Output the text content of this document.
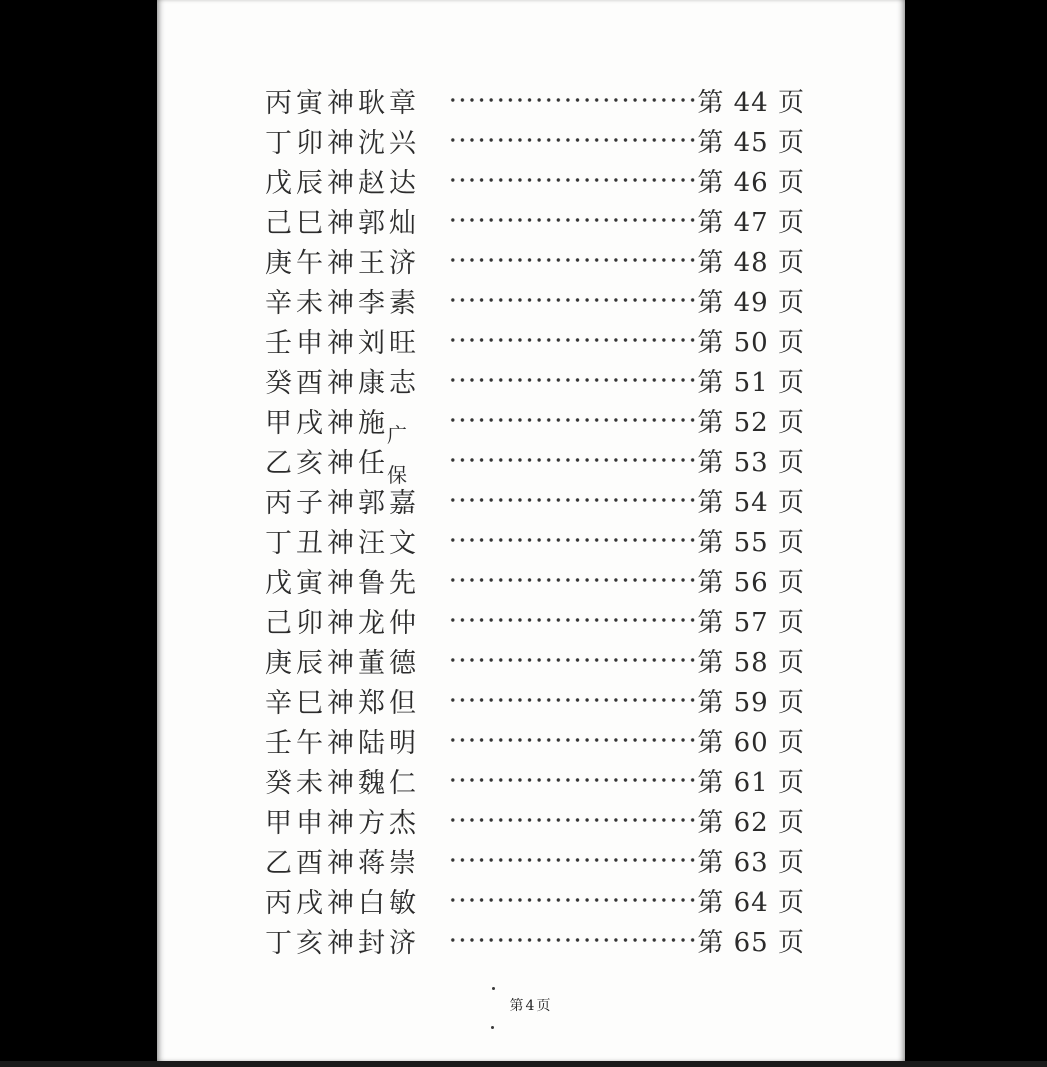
丙寅神耿章	第 44 页
丁卯神沈兴	第 45 页
戊辰神赵达	第 46 页
己巳神郭灿	第 47 页
庚午神王济	第 48 页
辛未神李素	第 49 页
壬申神刘旺	第 50 页
癸酉神康志	第 51 页
甲戌神施广	第 52 页
乙亥神任保	第 53 页
丙子神郭嘉	第 54 页
丁丑神汪文	第 55 页
戊寅神鲁先	第 56 页
己卯神龙仲	第 57 页
庚辰神董德	第 58 页
辛巳神郑但	第 59 页
壬午神陆明	第 60 页
癸未神魏仁	第 61 页
甲申神方杰	第 62 页
乙酉神蒋崇	第 63 页
丙戌神白敏	第 64 页
丁亥神封济	第 65 页
第4页
